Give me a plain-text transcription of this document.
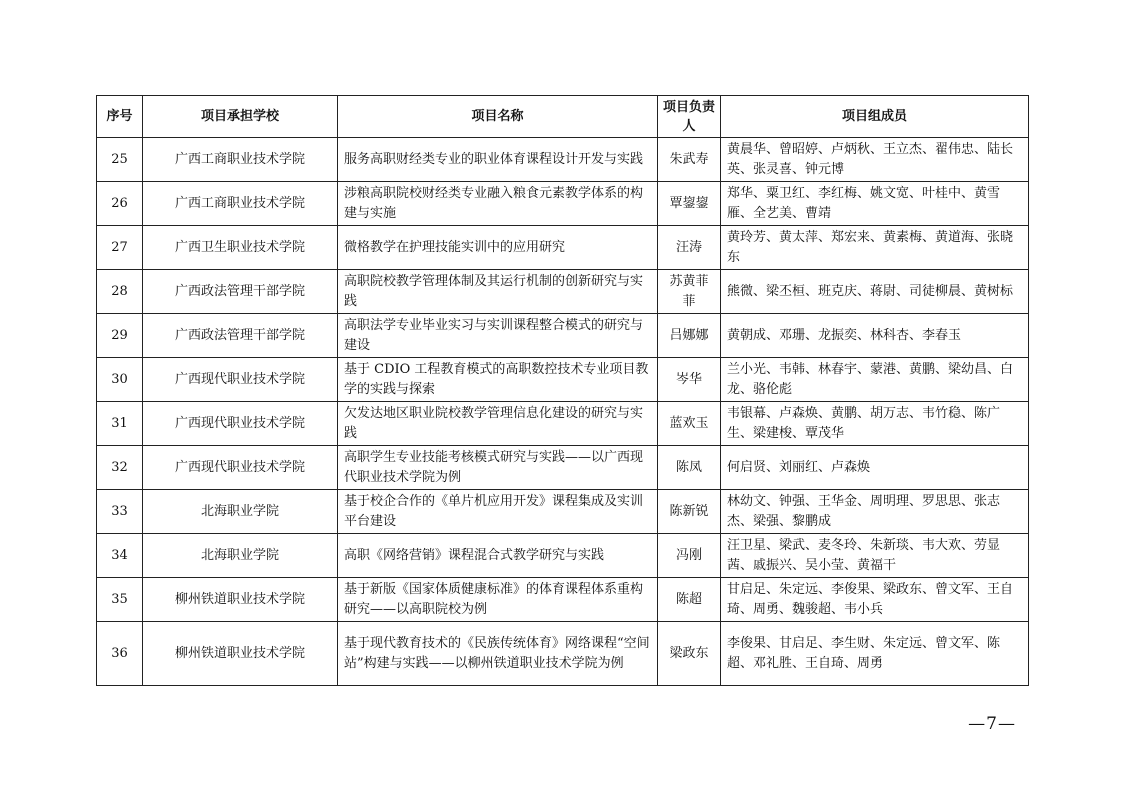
序号	项目承担学校	项目名称	项目负责人	项目组成员
25	广西工商职业技术学院	服务高职财经类专业的职业体育课程设计开发与实践	朱武寿	黄晨华、曾昭婷、卢炳秋、王立杰、翟伟忠、陆长英、张灵喜、钟元博
26	广西工商职业技术学院	涉粮高职院校财经类专业融入粮食元素教学体系的构建与实施	覃鋆鋆	郑华、粟卫红、李红梅、姚文宽、叶桂中、黄雪雁、全艺美、曹靖
27	广西卫生职业技术学院	微格教学在护理技能实训中的应用研究	汪涛	黄玲芳、黄太萍、郑宏来、黄素梅、黄道海、张晓东
28	广西政法管理干部学院	高职院校教学管理体制及其运行机制的创新研究与实践	苏黄菲菲	熊微、梁丕桓、班克庆、蒋尉、司徒柳晨、黄树标
29	广西政法管理干部学院	高职法学专业毕业实习与实训课程整合模式的研究与建设	吕娜娜	黄朝成、邓珊、龙振奕、林科杏、李春玉
30	广西现代职业技术学院	基于 CDIO 工程教育模式的高职数控技术专业项目教学的实践与探索	岑华	兰小光、韦韩、林春宇、蒙港、黄鹏、梁幼昌、白龙、骆伦彪
31	广西现代职业技术学院	欠发达地区职业院校教学管理信息化建设的研究与实践	蓝欢玉	韦银幕、卢森焕、黄鹏、胡万志、韦竹稳、陈广生、梁建梭、覃茂华
32	广西现代职业技术学院	高职学生专业技能考核模式研究与实践——以广西现代职业技术学院为例	陈凤	何启贤、刘丽红、卢森焕
33	北海职业学院	基于校企合作的《单片机应用开发》课程集成及实训平台建设	陈新锐	林幼文、钟强、王华金、周明理、罗思思、张志杰、梁强、黎鹏成
34	北海职业学院	高职《网络营销》课程混合式教学研究与实践	冯刚	汪卫星、梁武、麦冬玲、朱新琰、韦大欢、劳显茜、戚振兴、吴小莹、黄福干
35	柳州铁道职业技术学院	基于新版《国家体质健康标准》的体育课程体系重构研究——以高职院校为例	陈超	甘启足、朱定远、李俊果、梁政东、曾文军、王自琦、周勇、魏骏超、韦小兵
36	柳州铁道职业技术学院	基于现代教育技术的《民族传统体育》网络课程“空间站”构建与实践——以柳州铁道职业技术学院为例	梁政东	李俊果、甘启足、李生财、朱定远、曾文军、陈超、邓礼胜、王自琦、周勇
—7—
